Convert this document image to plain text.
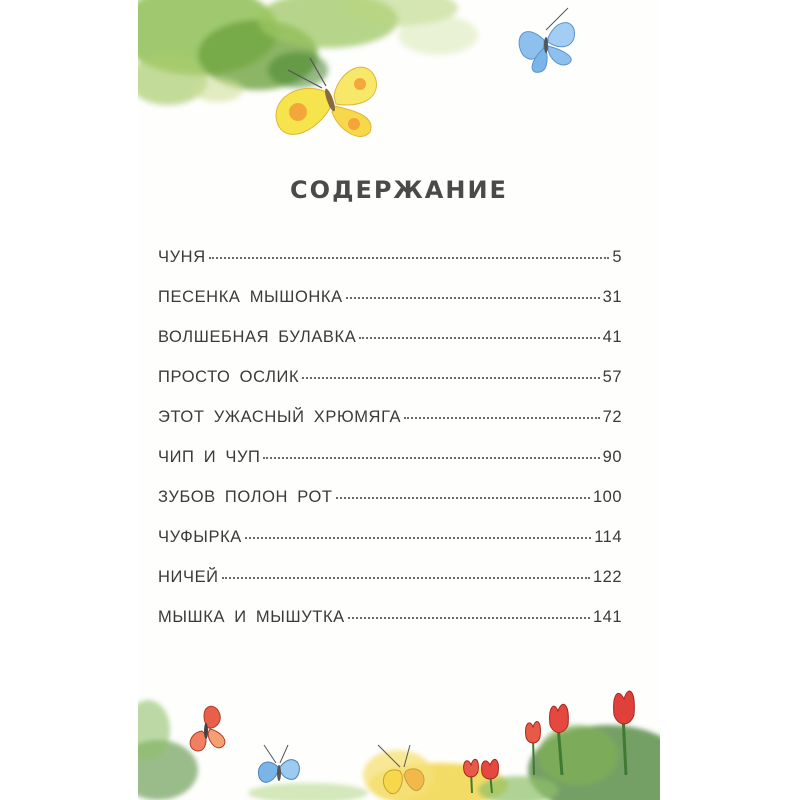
СОДЕРЖАНИЕ
ЧУНЯ	5
ПЕСЕНКА МЫШОНКА	31
ВОЛШЕБНАЯ БУЛАВКА	41
ПРОСТО ОСЛИК	57
ЭТОТ УЖАСНЫЙ ХРЮМЯГА	72
ЧИП И ЧУП	90
ЗУБОВ ПОЛОН РОТ	100
ЧУФЫРКА	114
НИЧЕЙ	122
МЫШКА И МЫШУТКА	141
